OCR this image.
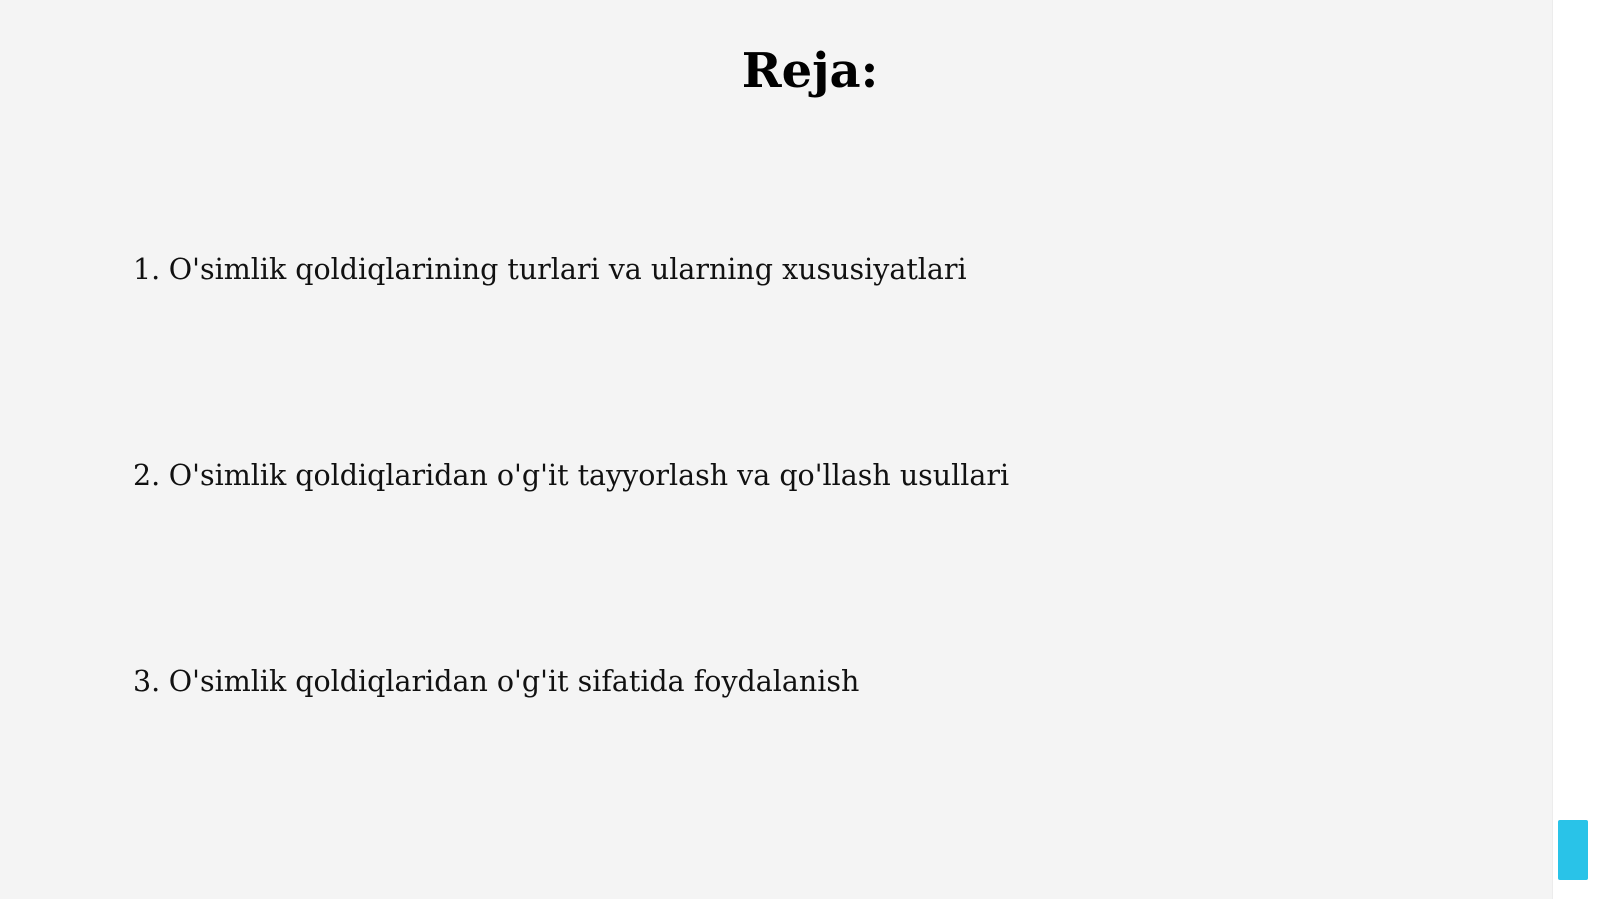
Reja:
1. O'simlik qoldiqlarining turlari va ularning xususiyatlari
2. O'simlik qoldiqlaridan o'g'it tayyorlash va qo'llash usullari
3. O'simlik qoldiqlaridan o'g'it sifatida foydalanish
